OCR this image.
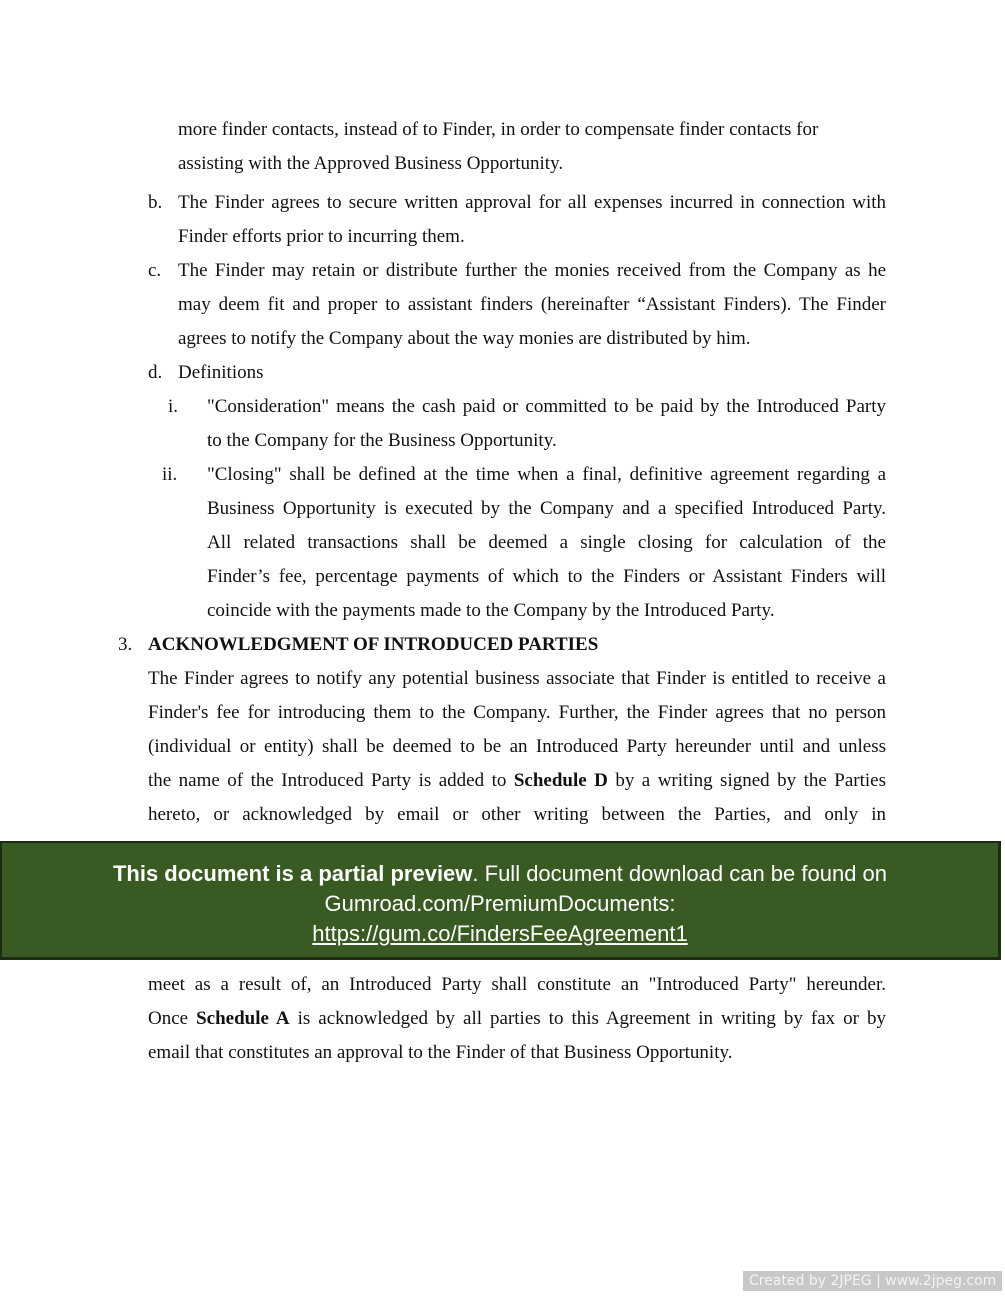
more finder contacts, instead of to Finder, in order to compensate finder contacts for
assisting with the Approved Business Opportunity.
b. The Finder agrees to secure written approval for all expenses incurred in connection with
Finder efforts prior to incurring them.
c. The Finder may retain or distribute further the monies received from the Company as he
may deem fit and proper to assistant finders (hereinafter “Assistant Finders). The Finder
agrees to notify the Company about the way monies are distributed by him.
d. Definitions
i. "Consideration" means the cash paid or committed to be paid by the Introduced Party
to the Company for the Business Opportunity.
ii. "Closing" shall be defined at the time when a final, definitive agreement regarding a
Business Opportunity is executed by the Company and a specified Introduced Party.
All related transactions shall be deemed a single closing for calculation of the
Finder’s fee, percentage payments of which to the Finders or Assistant Finders will
coincide with the payments made to the Company by the Introduced Party.
3. ACKNOWLEDGMENT OF INTRODUCED PARTIES
The Finder agrees to notify any potential business associate that Finder is entitled to receive a
Finder's fee for introducing them to the Company. Further, the Finder agrees that no person
(individual or entity) shall be deemed to be an Introduced Party hereunder until and unless
the name of the Introduced Party is added to Schedule D by a writing signed by the Parties
hereto, or acknowledged by email or other writing between the Parties, and only in
meet as a result of, an Introduced Party shall constitute an "Introduced Party" hereunder.
Once Schedule A is acknowledged by all parties to this Agreement in writing by fax or by
email that constitutes an approval to the Finder of that Business Opportunity.
This document is a partial preview. Full document download can be found on
Gumroad.com/PremiumDocuments:
https://gum.co/FindersFeeAgreement1
Created by 2JPEG | www.2jpeg.com
